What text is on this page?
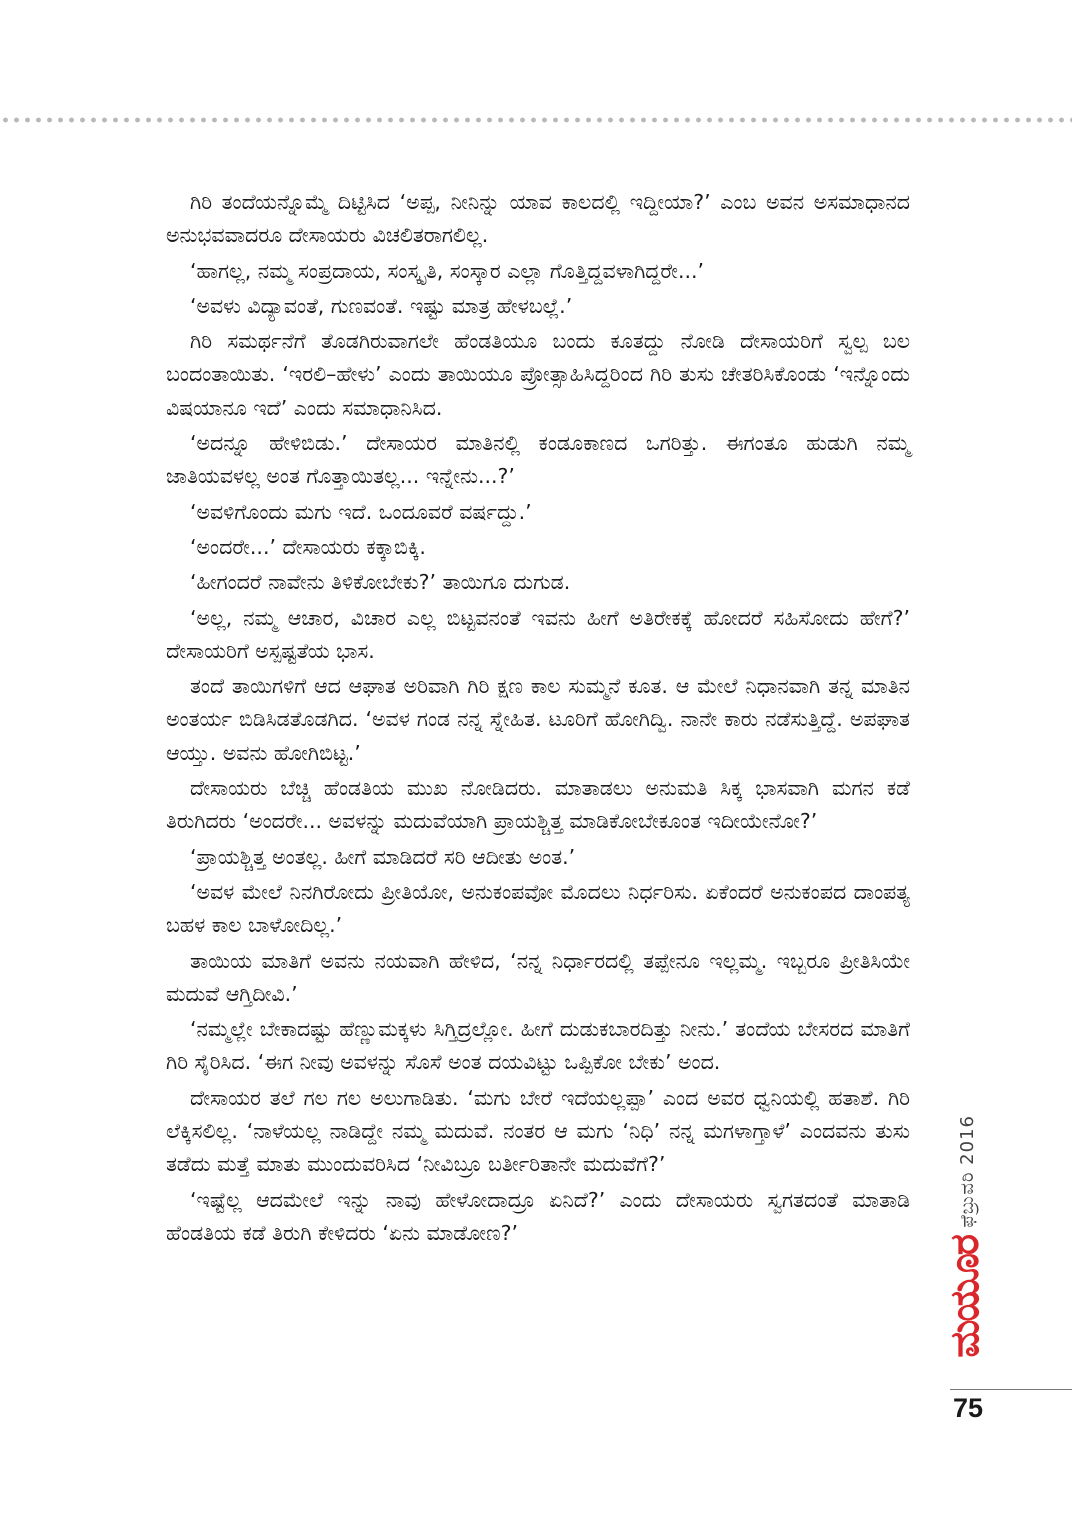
ಗಿರಿ ತಂದೆಯನ್ನೊಮ್ಮೆ ದಿಟ್ಟಿಸಿದ ‘ಅಪ್ಪ, ನೀನಿನ್ನು ಯಾವ ಕಾಲದಲ್ಲಿ ಇದ್ದೀಯಾ?’ ಎಂಬ ಅವನ ಅಸಮಾಧಾನದ ಅನುಭವವಾದರೂ ದೇಸಾಯರು ವಿಚಲಿತರಾಗಲಿಲ್ಲ.

‘ಹಾಗಲ್ಲ, ನಮ್ಮ ಸಂಪ್ರದಾಯ, ಸಂಸ್ಕೃತಿ, ಸಂಸ್ಕಾರ ಎಲ್ಲಾ ಗೊತ್ತಿದ್ದವಳಾಗಿದ್ದರೇ...’

‘ಅವಳು ವಿದ್ಯಾವಂತೆ, ಗುಣವಂತೆ. ಇಷ್ಟು ಮಾತ್ರ ಹೇಳಬಲ್ಲೆ.’

ಗಿರಿ ಸಮರ್ಥನೆಗೆ ತೊಡಗಿರುವಾಗಲೇ ಹೆಂಡತಿಯೂ ಬಂದು ಕೂತದ್ದು ನೋಡಿ ದೇಸಾಯರಿಗೆ ಸ್ವಲ್ಪ ಬಲ ಬಂದಂತಾಯಿತು. ‘ಇರಲಿ–ಹೇಳು’ ಎಂದು ತಾಯಿಯೂ ಪ್ರೋತ್ಸಾಹಿಸಿದ್ದರಿಂದ ಗಿರಿ ತುಸು ಚೇತರಿಸಿಕೊಂಡು ‘ಇನ್ನೊಂದು ವಿಷಯಾನೂ ಇದೆ’ ಎಂದು ಸಮಾಧಾನಿಸಿದ.

‘ಅದನ್ನೂ ಹೇಳಿಬಿಡು.’ ದೇಸಾಯರ ಮಾತಿನಲ್ಲಿ ಕಂಡೂಕಾಣದ ಒಗರಿತ್ತು. ಈಗಂತೂ ಹುಡುಗಿ ನಮ್ಮ ಜಾತಿಯವಳಲ್ಲ ಅಂತ ಗೊತ್ತಾಯಿತಲ್ಲ... ಇನ್ನೇನು...?’

‘ಅವಳಿಗೊಂದು ಮಗು ಇದೆ. ಒಂದೂವರೆ ವರ್ಷದ್ದು.’

‘ಅಂದರೇ...’ ದೇಸಾಯರು ಕಕ್ಕಾಬಿಕ್ಕಿ.

‘ಹೀಗಂದರೆ ನಾವೇನು ತಿಳಿಕೋಬೇಕು?’ ತಾಯಿಗೂ ದುಗುಡ.

‘ಅಲ್ಲ, ನಮ್ಮ ಆಚಾರ, ವಿಚಾರ ಎಲ್ಲ ಬಿಟ್ಟವನಂತೆ ಇವನು ಹೀಗೆ ಅತಿರೇಕಕ್ಕೆ ಹೋದರೆ ಸಹಿಸೋದು ಹೇಗೆ?’ ದೇಸಾಯರಿಗೆ ಅಸ್ಪಷ್ಟತೆಯ ಭಾಸ.

ತಂದೆ ತಾಯಿಗಳಿಗೆ ಆದ ಆಘಾತ ಅರಿವಾಗಿ ಗಿರಿ ಕ್ಷಣ ಕಾಲ ಸುಮ್ಮನೆ ಕೂತ. ಆ ಮೇಲೆ ನಿಧಾನವಾಗಿ ತನ್ನ ಮಾತಿನ ಅಂತರ್ಯ ಬಿಡಿಸಿಡತೊಡಗಿದ. ‘ಅವಳ ಗಂಡ ನನ್ನ ಸ್ನೇಹಿತ. ಟೂರಿಗೆ ಹೋಗಿದ್ವಿ. ನಾನೇ ಕಾರು ನಡೆಸುತ್ತಿದ್ದೆ. ಅಪಘಾತ ಆಯ್ತು. ಅವನು ಹೋಗಿಬಿಟ್ಟ.’

ದೇಸಾಯರು ಬೆಚ್ಚಿ ಹೆಂಡತಿಯ ಮುಖ ನೋಡಿದರು. ಮಾತಾಡಲು ಅನುಮತಿ ಸಿಕ್ಕ ಭಾಸವಾಗಿ ಮಗನ ಕಡೆ ತಿರುಗಿದರು ‘ಅಂದರೇ... ಅವಳನ್ನು ಮದುವೆಯಾಗಿ ಪ್ರಾಯಶ್ಚಿತ್ತ ಮಾಡಿಕೋಬೇಕೂಂತ ಇದೀಯೇನೋ?’

‘ಪ್ರಾಯಶ್ಚಿತ್ತ ಅಂತಲ್ಲ. ಹೀಗೆ ಮಾಡಿದರೆ ಸರಿ ಆದೀತು ಅಂತ.’

‘ಅವಳ ಮೇಲೆ ನಿನಗಿರೋದು ಪ್ರೀತಿಯೋ, ಅನುಕಂಪವೋ ಮೊದಲು ನಿರ್ಧರಿಸು. ಏಕೆಂದರೆ ಅನುಕಂಪದ ದಾಂಪತ್ಯ ಬಹಳ ಕಾಲ ಬಾಳೋದಿಲ್ಲ.’

ತಾಯಿಯ ಮಾತಿಗೆ ಅವನು ನಯವಾಗಿ ಹೇಳಿದ, ‘ನನ್ನ ನಿರ್ಧಾರದಲ್ಲಿ ತಪ್ಪೇನೂ ಇಲ್ಲಮ್ಮ. ಇಬ್ಬರೂ ಪ್ರೀತಿಸಿಯೇ ಮದುವೆ ಆಗ್ತಿದೀವಿ.’

‘ನಮ್ಮಲ್ಲೇ ಬೇಕಾದಷ್ಟು ಹೆಣ್ಣುಮಕ್ಕಳು ಸಿಗ್ತಿದ್ರಲ್ಲೋ. ಹೀಗೆ ದುಡುಕಬಾರದಿತ್ತು ನೀನು.’ ತಂದೆಯ ಬೇಸರದ ಮಾತಿಗೆ ಗಿರಿ ಸೈರಿಸಿದ. ‘ಈಗ ನೀವು ಅವಳನ್ನು ಸೊಸೆ ಅಂತ ದಯವಿಟ್ಟು ಒಪ್ಪಿಕೋ ಬೇಕು’ ಅಂದ.

ದೇಸಾಯರ ತಲೆ ಗಲ ಗಲ ಅಲುಗಾಡಿತು. ‘ಮಗು ಬೇರೆ ಇದೆಯಲ್ಲಪ್ಪಾ’ ಎಂದ ಅವರ ಧ್ವನಿಯಲ್ಲಿ ಹತಾಶೆ. ಗಿರಿ ಲೆಕ್ಕಿಸಲಿಲ್ಲ. ‘ನಾಳೆಯಲ್ಲ ನಾಡಿದ್ದೇ ನಮ್ಮ ಮದುವೆ. ನಂತರ ಆ ಮಗು ‘ನಿಧಿ’ ನನ್ನ ಮಗಳಾಗ್ತಾಳೆ’ ಎಂದವನು ತುಸು ತಡೆದು ಮತ್ತೆ ಮಾತು ಮುಂದುವರಿಸಿದ ‘ನೀವಿಬ್ರೂ ಬರ್ತೀರಿತಾನೇ ಮದುವೆಗೆ?’

‘ಇಷ್ಟೆಲ್ಲ ಆದಮೇಲೆ ಇನ್ನು ನಾವು ಹೇಳೋದಾದ್ರೂ ಏನಿದೆ?’ ಎಂದು ದೇಸಾಯರು ಸ್ವಗತದಂತೆ ಮಾತಾಡಿ ಹೆಂಡತಿಯ ಕಡೆ ತಿರುಗಿ ಕೇಳಿದರು ‘ಏನು ಮಾಡೋಣ?’

ಫೆಬ್ರುವರಿ 2016
ಮಯೂರ
75
